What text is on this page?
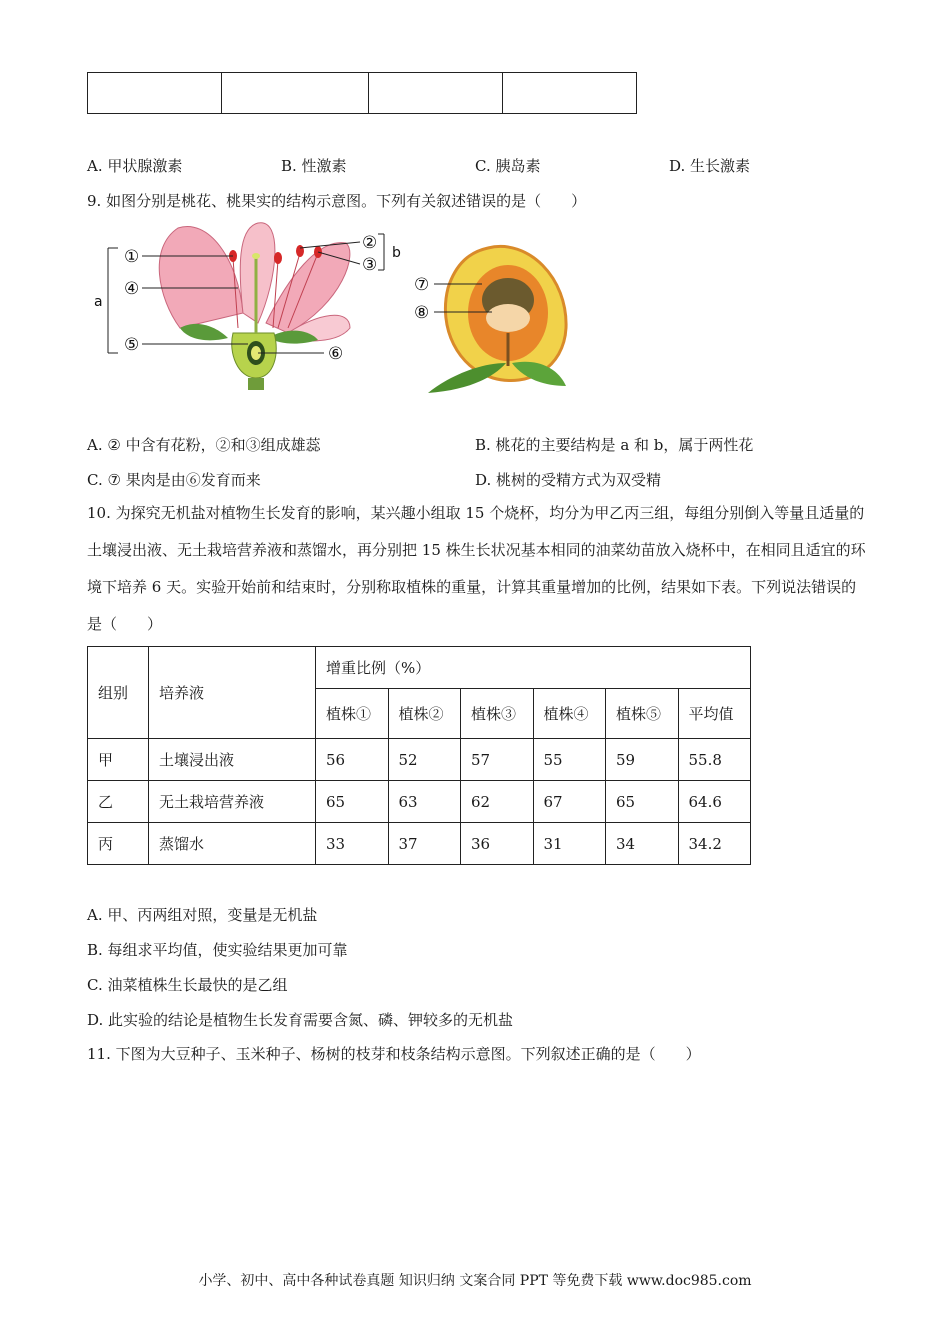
A. 甲状腺激素	B. 性激素	C. 胰岛素	D. 生长激素
9. 如图分别是桃花、桃果实的结构示意图。下列有关叙述错误的是（　　）
①
④
⑤	⑥
②
③
a
b
⑦
⑧
A. ② 中含有花粉，②和③组成雄蕊	B. 桃花的主要结构是 a 和 b，属于两性花
C. ⑦ 果肉是由⑥发育而来	D. 桃树的受精方式为双受精
10. 为探究无机盐对植物生长发育的影响，某兴趣小组取 15 个烧杯，均分为甲乙丙三组，每组分别倒入等量且适量的土壤浸出液、无土栽培营养液和蒸馏水，再分别把 15 株生长状况基本相同的油菜幼苗放入烧杯中，在相同且适宜的环境下培养 6 天。实验开始前和结束时，分别称取植株的重量，计算其重量增加的比例，结果如下表。下列说法错误的是（　　）
组别	培养液	增重比例（%）					
		植株①	植株②	植株③	植株④	植株⑤	平均值
甲	土壤浸出液	56	52	57	55	59	55.8
乙	无土栽培营养液	65	63	62	67	65	64.6
丙	蒸馏水	33	37	36	31	34	34.2
A. 甲、丙两组对照，变量是无机盐
B. 每组求平均值，使实验结果更加可靠
C. 油菜植株生长最快的是乙组
D. 此实验的结论是植物生长发育需要含氮、磷、钾较多的无机盐
11. 下图为大豆种子、玉米种子、杨树的枝芽和枝条结构示意图。下列叙述正确的是（　　）
小学、初中、高中各种试卷真题 知识归纳 文案合同 PPT 等免费下载 www.doc985.com
